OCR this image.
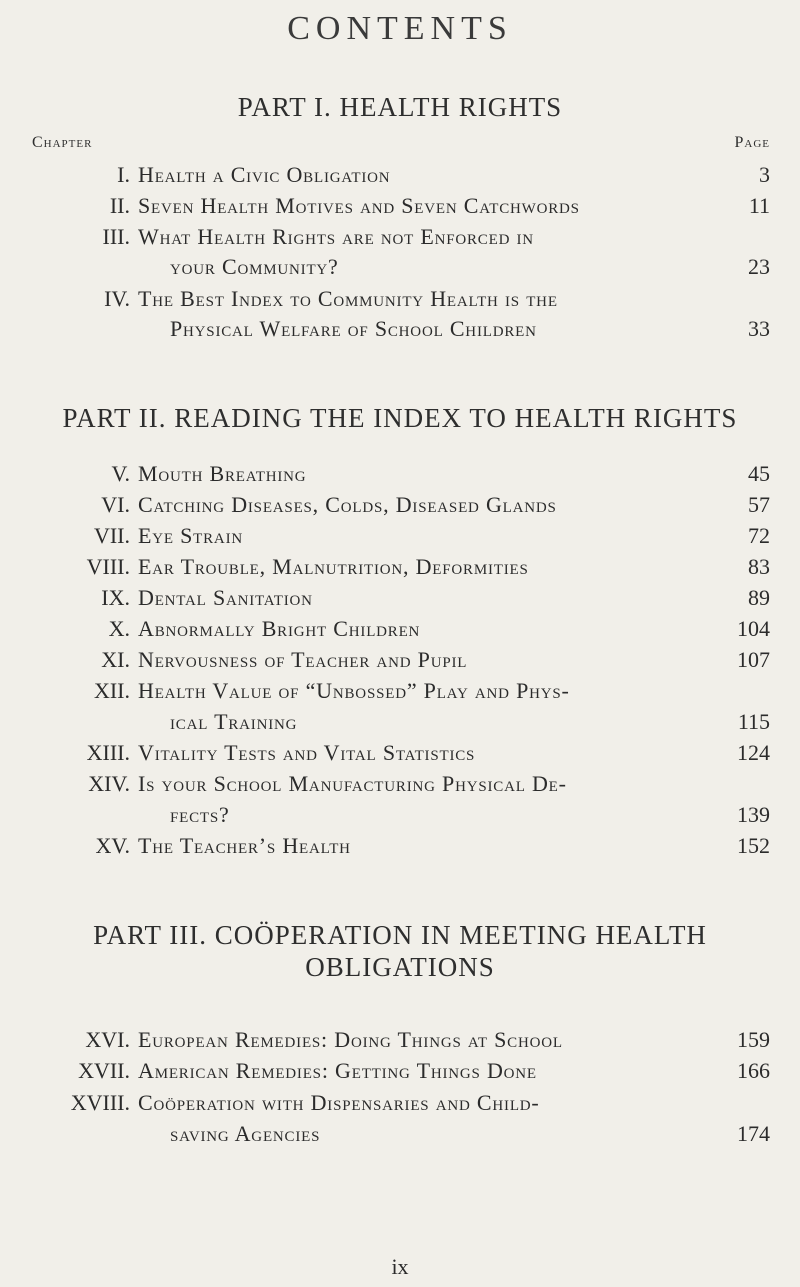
CONTENTS
PART I. HEALTH RIGHTS
Chapter	Page
I. Health a Civic Obligation	3
II. Seven Health Motives and Seven Catchwords	11
III. What Health Rights are not Enforced in
your Community?	23
IV. The Best Index to Community Health is the
Physical Welfare of School Children	33
PART II. READING THE INDEX TO HEALTH RIGHTS
V. Mouth Breathing	45
VI. Catching Diseases, Colds, Diseased Glands	57
VII. Eye Strain	72
VIII. Ear Trouble, Malnutrition, Deformities	83
IX. Dental Sanitation	89
X. Abnormally Bright Children	104
XI. Nervousness of Teacher and Pupil	107
XII. Health Value of “Unbossed” Play and Phys-
ical Training	115
XIII. Vitality Tests and Vital Statistics	124
XIV. Is your School Manufacturing Physical De-
fects?	139
XV. The Teacher’s Health	152
PART III. COÖPERATION IN MEETING HEALTH
OBLIGATIONS
XVI. European Remedies: Doing Things at School	159
XVII. American Remedies: Getting Things Done	166
XVIII. Coöperation with Dispensaries and Child-
saving Agencies	174
ix
